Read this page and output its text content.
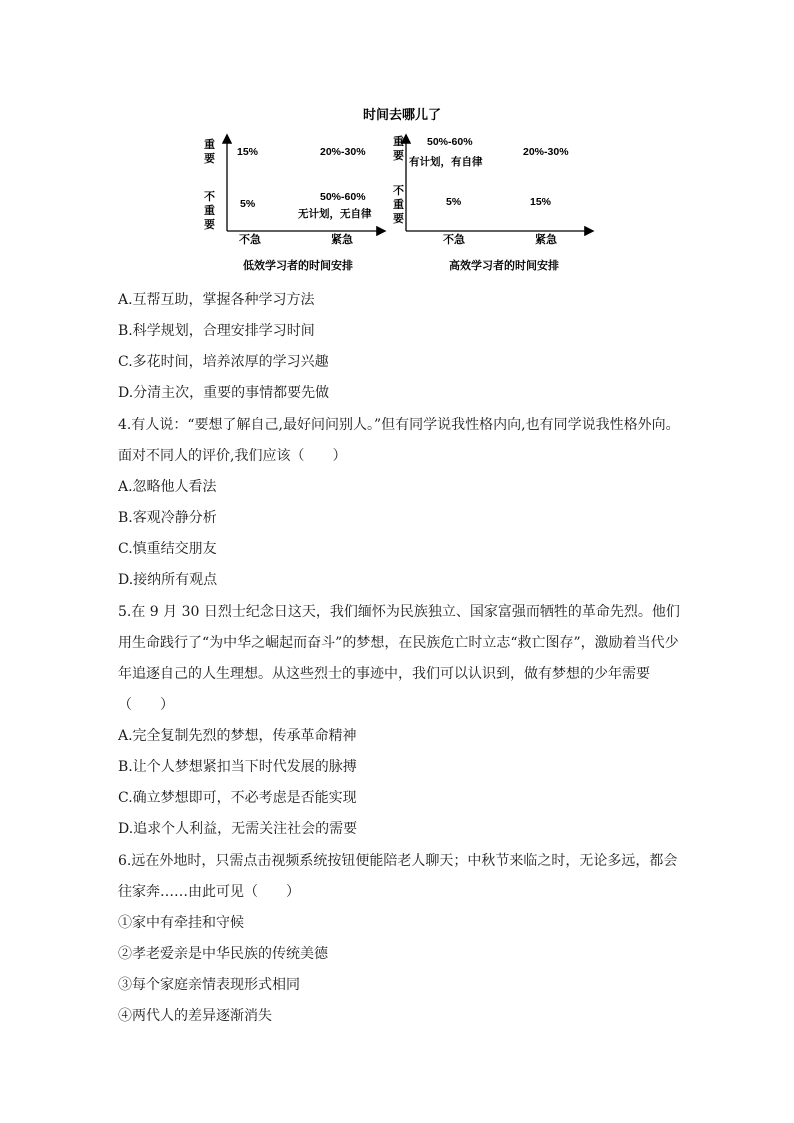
时间去哪儿了
重要
不重要
重要
不重要
15%	20%-30%
5%
50%-60%
无计划，无自律
50%-60%
有计划，有自律
20%-30%
5%	15%
不急	紧急	不急	紧急
低效学习者的时间安排	高效学习者的时间安排
A.互帮互助，掌握各种学习方法
B.科学规划，合理安排学习时间
C.多花时间，培养浓厚的学习兴趣
D.分清主次，重要的事情都要先做
4.有人说：“要想了解自己,最好问问别人。”但有同学说我性格内向,也有同学说我性格外向。
面对不同人的评价,我们应该（　　）
A.忽略他人看法
B.客观冷静分析
C.慎重结交朋友
D.接纳所有观点
5.在 9 月 30 日烈士纪念日这天，我们缅怀为民族独立、国家富强而牺牲的革命先烈。他们
用生命践行了“为中华之崛起而奋斗”的梦想，在民族危亡时立志“救亡图存”，激励着当代少
年追逐自己的人生理想。从这些烈士的事迹中，我们可以认识到，做有梦想的少年需要
（　　）
A.完全复制先烈的梦想，传承革命精神
B.让个人梦想紧扣当下时代发展的脉搏
C.确立梦想即可，不必考虑是否能实现
D.追求个人利益，无需关注社会的需要
6.远在外地时，只需点击视频系统按钮便能陪老人聊天；中秋节来临之时，无论多远，都会
往家奔……由此可见（　　）
①家中有牵挂和守候
②孝老爱亲是中华民族的传统美德
③每个家庭亲情表现形式相同
④两代人的差异逐渐消失
